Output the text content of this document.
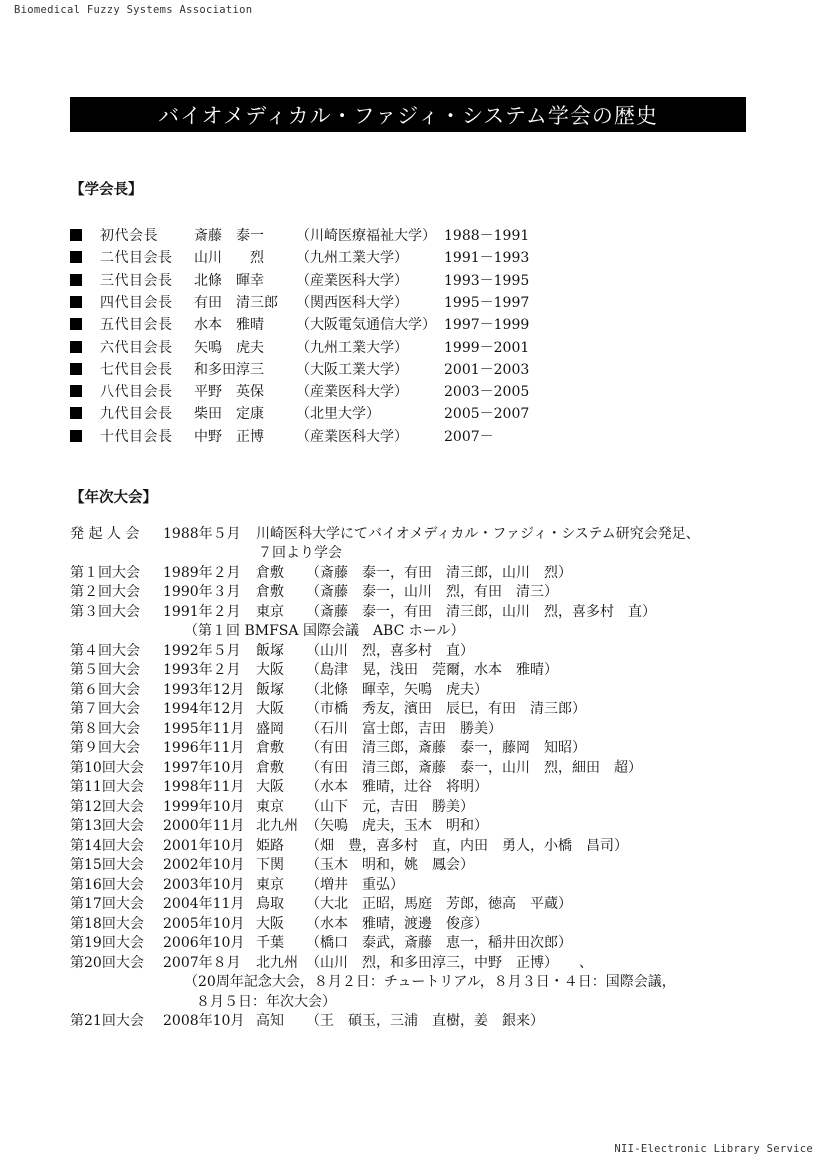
Biomedical Fuzzy Systems Association
バイオメディカル・ファジィ・システム学会の歴史
【学会長】
初代会長	斎藤　泰一	（川崎医療福祉大学） 1988－1991
二代目会長	山川　　烈	（九州工業大学）	1991－1993
三代目会長	北條　暉幸	（産業医科大学）	1993－1995
四代目会長	有田　清三郎	（関西医科大学）	1995－1997
五代目会長	水本　雅晴	（大阪電気通信大学） 1997－1999
六代目会長	矢鳴　虎夫	（九州工業大学）	1999－2001
七代目会長	和多田淳三	（大阪工業大学）	2001－2003
八代目会長	平野　英保	（産業医科大学）	2003－2005
九代目会長	柴田　定康	（北里大学）	2005－2007
十代目会長	中野　正博	（産業医科大学）	2007－
【年次大会】
発 起 人 会	1988年５月	川崎医科大学にてバイオメディカル・ファジィ・システム研究会発足、
７回より学会
第１回大会	1989年２月	倉敷	（斎藤　泰一，有田　清三郎，山川　烈）
第２回大会	1990年３月	倉敷	（斎藤　泰一，山川　烈，有田　清三）
第３回大会	1991年２月	東京	（斎藤　泰一，有田　清三郎，山川　烈，喜多村　直）
（第１回 BMFSA 国際会議　ABC ホール）
第４回大会	1992年５月	飯塚	（山川　烈，喜多村　直）
第５回大会	1993年２月	大阪	（島津　晃，浅田　莞爾，水本　雅晴）
第６回大会	1993年12月 飯塚	（北條　暉幸，矢鳴　虎夫）
第７回大会	1994年12月 大阪	（市橋　秀友，濱田　辰巳，有田　清三郎）
第８回大会	1995年11月 盛岡	（石川　富士郎，吉田　勝美）
第９回大会	1996年11月 倉敷	（有田　清三郎，斎藤　泰一，藤岡　知昭）
第10回大会	1997年10月 倉敷	（有田　清三郎，斎藤　泰一，山川　烈，細田　超）
第11回大会	1998年11月 大阪	（水本　雅晴，辻谷　将明）
第12回大会	1999年10月 東京	（山下　元，吉田　勝美）
第13回大会	2000年11月 北九州 （矢鳴　虎夫，玉木　明和）
第14回大会	2001年10月 姫路	（畑　豊，喜多村　直，内田　勇人，小橋　昌司）
第15回大会	2002年10月 下関	（玉木　明和，姚　鳳会）
第16回大会	2003年10月 東京	（増井　重弘）
第17回大会	2004年11月 鳥取	（大北　正昭，馬庭　芳郎，徳高　平蔵）
第18回大会	2005年10月 大阪	（水本　雅晴，渡邊　俊彦）
第19回大会	2006年10月 千葉	（橋口　泰武，斎藤　恵一，稲井田次郎）
第20回大会	2007年８月	北九州 （山川　烈，和多田淳三，中野　正博）　　、
（20周年記念大会，８月２日：チュートリアル，８月３日・４日：国際会議，
８月５日：年次大会）
第21回大会	2008年10月 高知	（王　碩玉，三浦　直樹，姜　銀来）
NII-Electronic Library Service
